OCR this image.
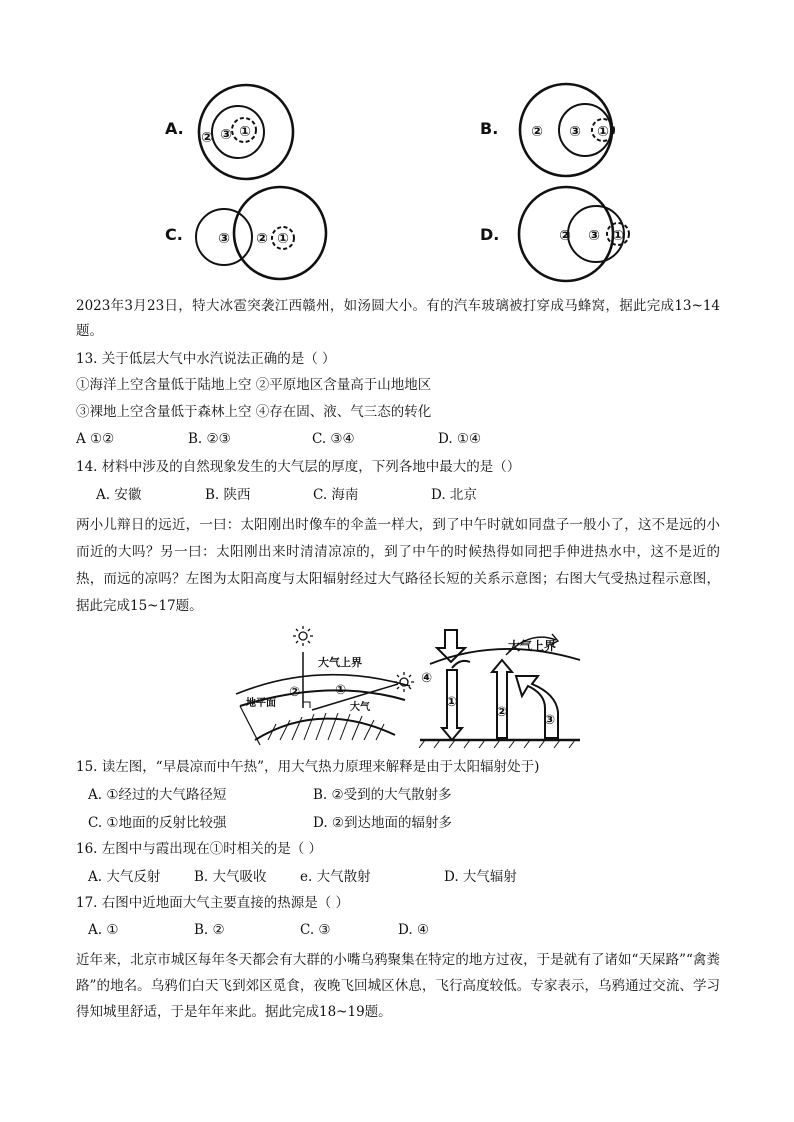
A.	B.
C.	D.
② ③ ①	② ③ ①
③ ② ①	② ③ ①
2023年3月23日，特大冰雹突袭江西赣州，如汤圆大小。有的汽车玻璃被打穿成马蜂窝，据此完成13~14题。
13. 关于低层大气中水汽说法正确的是（ ）
①海洋上空含量低于陆地上空 ②平原地区含量高于山地地区
③裸地上空含量低于森林上空 ④存在固、液、气三态的转化
A ①②	B. ②③	C. ③④	D. ①④
14. 材料中涉及的自然现象发生的大气层的厚度，下列各地中最大的是（）
A. 安徽	B. 陕西	C. 海南	D. 北京
两小儿辩日的远近，一曰：太阳刚出时像车的伞盖一样大，到了中午时就如同盘子一般小了，这不是远的小而近的大吗？另一曰：太阳刚出来时清清凉凉的，到了中午的时候热得如同把手伸进热水中，这不是近的热，而远的凉吗？左图为太阳高度与太阳辐射经过大气路径长短的关系示意图；右图大气受热过程示意图，据此完成15~17题。
大气上界
地平面	大气
②	①
大气上界
④
①
②
③
15. 读左图，“早晨凉而中午热”，用大气热力原理来解释是由于太阳辐射处于)
A. ①经过的大气路径短	B. ②受到的大气散射多
C. ①地面的反射比较强	D. ②到达地面的辐射多
16. 左图中与霞出现在①时相关的是（ ）
A. 大气反射 B. 大气吸收 e. 大气散射	D. 大气辐射
17. 右图中近地面大气主要直接的热源是（ ）
A. ①	B. ②	C. ③	D. ④
近年来，北京市城区每年冬天都会有大群的小嘴乌鸦聚集在特定的地方过夜，于是就有了诸如“天屎路”“禽粪路”的地名。乌鸦们白天飞到郊区觅食，夜晚飞回城区休息，飞行高度较低。专家表示，乌鸦通过交流、学习得知城里舒适，于是年年来此。据此完成18~19题。
